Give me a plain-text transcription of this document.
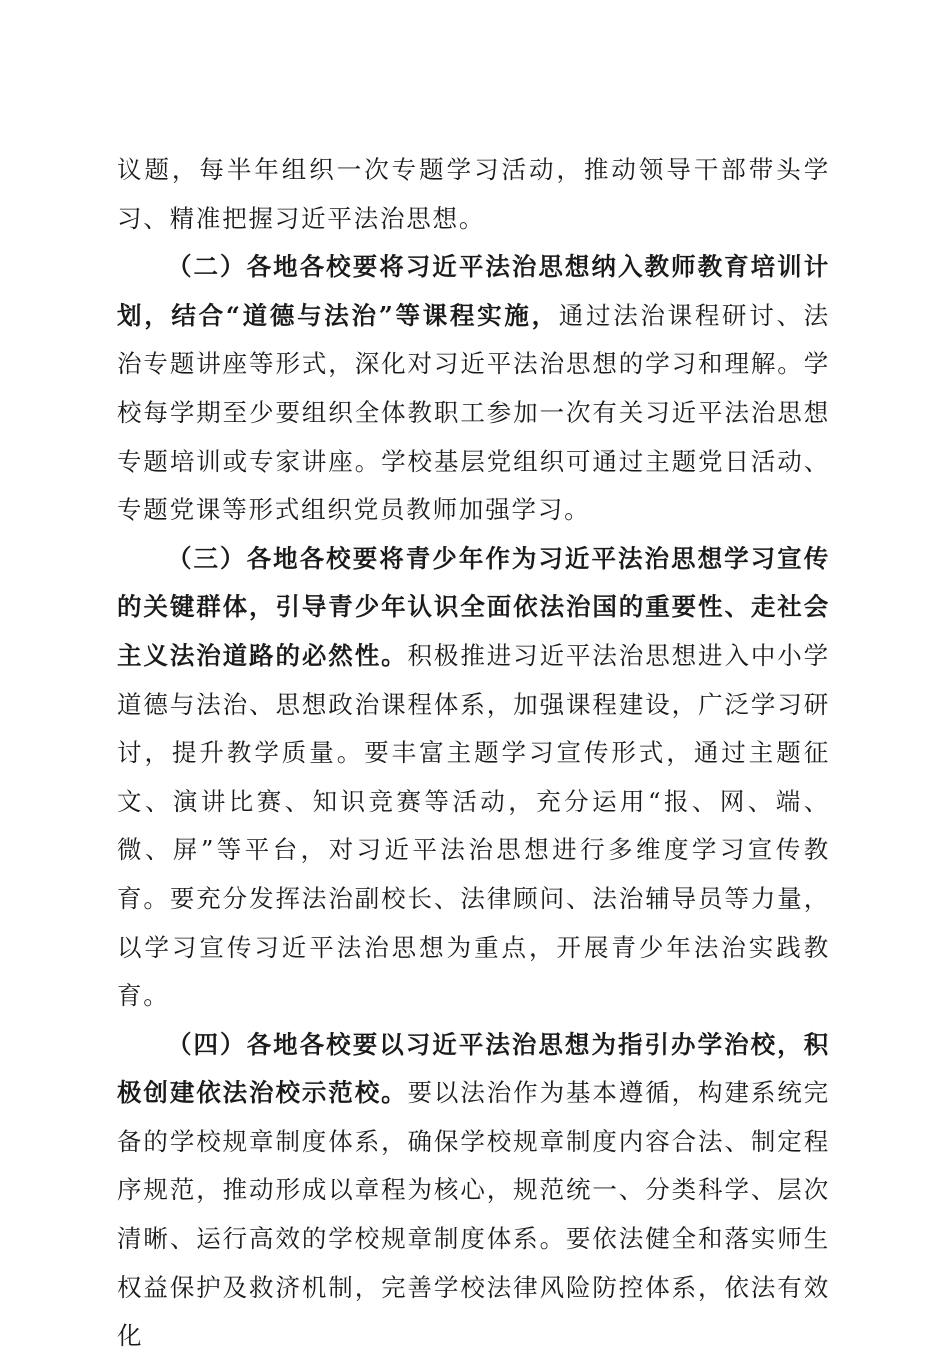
议题，每半年组织一次专题学习活动，推动领导干部带头学习、精准把握习近平法治思想。

（二）各地各校要将习近平法治思想纳入教师教育培训计划，结合“道德与法治”等课程实施，通过法治课程研讨、法治专题讲座等形式，深化对习近平法治思想的学习和理解。学校每学期至少要组织全体教职工参加一次有关习近平法治思想专题培训或专家讲座。学校基层党组织可通过主题党日活动、专题党课等形式组织党员教师加强学习。

（三）各地各校要将青少年作为习近平法治思想学习宣传的关键群体，引导青少年认识全面依法治国的重要性、走社会主义法治道路的必然性。积极推进习近平法治思想进入中小学道德与法治、思想政治课程体系，加强课程建设，广泛学习研讨，提升教学质量。要丰富主题学习宣传形式，通过主题征文、演讲比赛、知识竞赛等活动，充分运用“报、网、端、微、屏”等平台，对习近平法治思想进行多维度学习宣传教育。要充分发挥法治副校长、法律顾问、法治辅导员等力量，以学习宣传习近平法治思想为重点，开展青少年法治实践教育。

（四）各地各校要以习近平法治思想为指引办学治校，积极创建依法治校示范校。要以法治作为基本遵循，构建系统完备的学校规章制度体系，确保学校规章制度内容合法、制定程序规范，推动形成以章程为核心，规范统一、分类科学、层次清晰、运行高效的学校规章制度体系。要依法健全和落实师生权益保护及救济机制，完善学校法律风险防控体系，依法有效化
